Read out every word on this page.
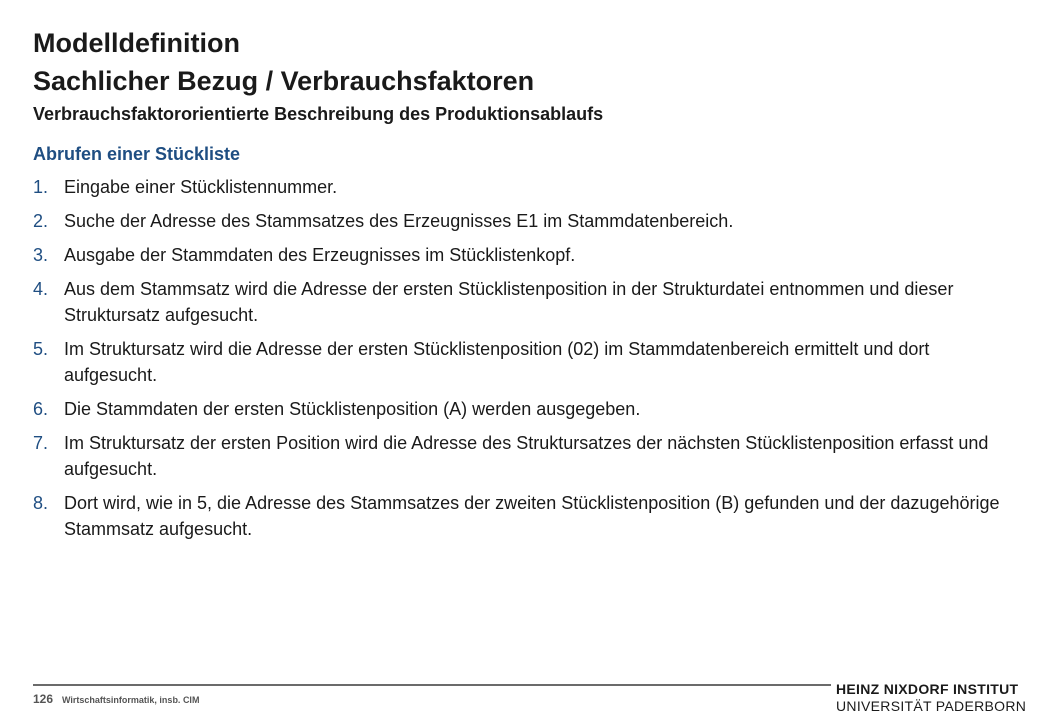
Modelldefinition
Sachlicher Bezug / Verbrauchsfaktoren
Verbrauchsfaktororientierte Beschreibung des Produktionsablaufs
Abrufen einer Stückliste
1. Eingabe einer Stücklistennummer.
2. Suche der Adresse des Stammsatzes des Erzeugnisses E1 im Stammdatenbereich.
3. Ausgabe der Stammdaten des Erzeugnisses im Stücklistenkopf.
4. Aus dem Stammsatz wird die Adresse der ersten Stücklistenposition in der Strukturdatei entnommen und dieser Struktursatz aufgesucht.
5. Im Struktursatz wird die Adresse der ersten Stücklistenposition (02) im Stammdatenbereich ermittelt und dort aufgesucht.
6. Die Stammdaten der ersten Stücklistenposition (A) werden ausgegeben.
7. Im Struktursatz der ersten Position wird die Adresse des Struktursatzes der nächsten Stücklistenposition erfasst und aufgesucht.
8. Dort wird, wie in 5, die Adresse des Stammsatzes der zweiten Stücklistenposition (B) gefunden und der dazugehörige Stammsatz aufgesucht.
126 Wirtschaftsinformatik, insb. CIM
HEINZ NIXDORF INSTITUT
UNIVERSITÄT PADERBORN
